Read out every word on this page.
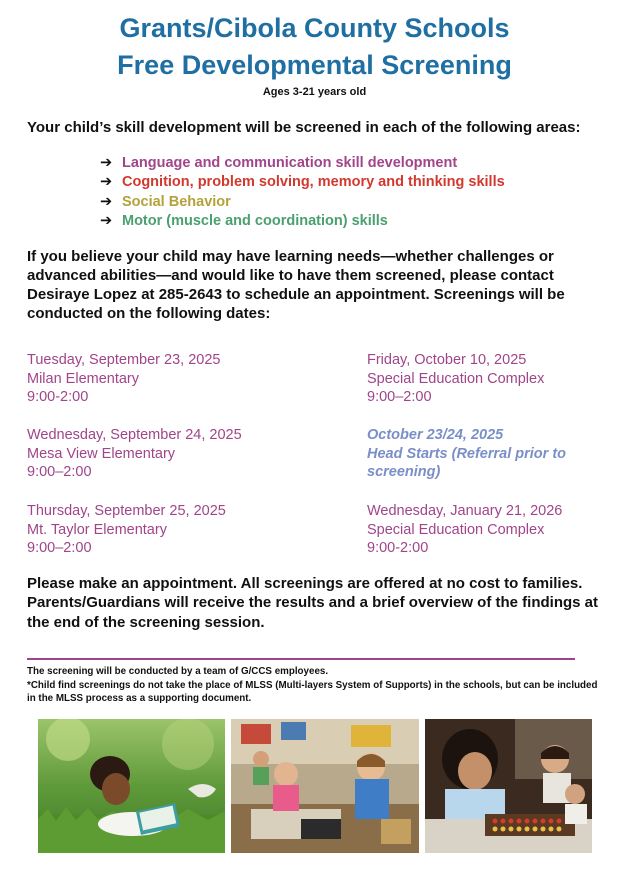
Grants/Cibola County Schools
Free Developmental Screening
Ages 3-21 years old

Your child’s skill development will be screened in each of the following areas:

➔ Language and communication skill development
➔ Cognition, problem solving, memory and thinking skills
➔ Social Behavior
➔ Motor (muscle and coordination) skills

If you believe your child may have learning needs—whether challenges or advanced abilities—and would like to have them screened, please contact Desiraye Lopez at 285-2643 to schedule an appointment. Screenings will be conducted on the following dates:

Tuesday, September 23, 2025
Milan Elementary
9:00-2:00
Wednesday, September 24, 2025
Mesa View Elementary
9:00–2:00
Thursday, September 25, 2025
Mt. Taylor Elementary
9:00–2:00
Friday, October 10, 2025
Special Education Complex
9:00–2:00
October 23/24, 2025
Head Starts (Referral prior to screening)
Wednesday, January 21, 2026
Special Education Complex
9:00-2:00

Please make an appointment. All screenings are offered at no cost to families. Parents/Guardians will receive the results and a brief overview of the findings at the end of the screening session.

The screening will be conducted by a team of G/CCS employees.

*Child find screenings do not take the place of MLSS (Multi-layers System of Supports) in the schools, but can be included in the MLSS process as a supporting document.
